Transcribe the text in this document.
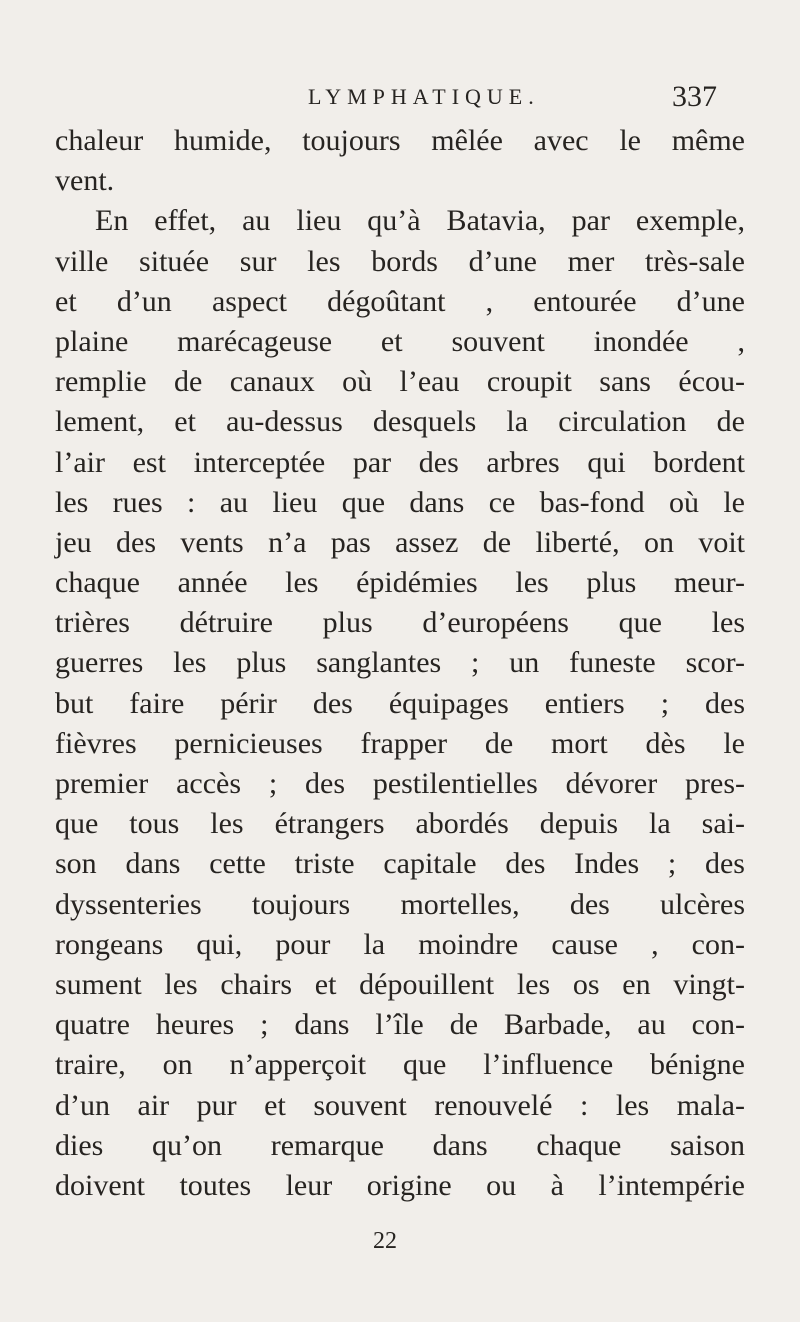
LYMPHATIQUE.	337
chaleur humide, toujours mêlée avec le même
vent.
En effet, au lieu qu’à Batavia, par exemple,
ville située sur les bords d’une mer très-sale
et d’un aspect dégoûtant , entourée d’une
plaine marécageuse et souvent inondée ,
remplie de canaux où l’eau croupit sans écou-
lement, et au-dessus desquels la circulation de
l’air est interceptée par des arbres qui bordent
les rues : au lieu que dans ce bas-fond où le
jeu des vents n’a pas assez de liberté, on voit
chaque année les épidémies les plus meur-
trières détruire plus d’européens que les
guerres les plus sanglantes ; un funeste scor-
but faire périr des équipages entiers ; des
fièvres pernicieuses frapper de mort dès le
premier accès ; des pestilentielles dévorer pres-
que tous les étrangers abordés depuis la sai-
son dans cette triste capitale des Indes ; des
dyssenteries toujours mortelles, des ulcères
rongeans qui, pour la moindre cause , con-
sument les chairs et dépouillent les os en vingt-
quatre heures ; dans l’île de Barbade, au con-
traire, on n’apperçoit que l’influence bénigne
d’un air pur et souvent renouvelé : les mala-
dies qu’on remarque dans chaque saison
doivent toutes leur origine ou à l’intempérie
22
